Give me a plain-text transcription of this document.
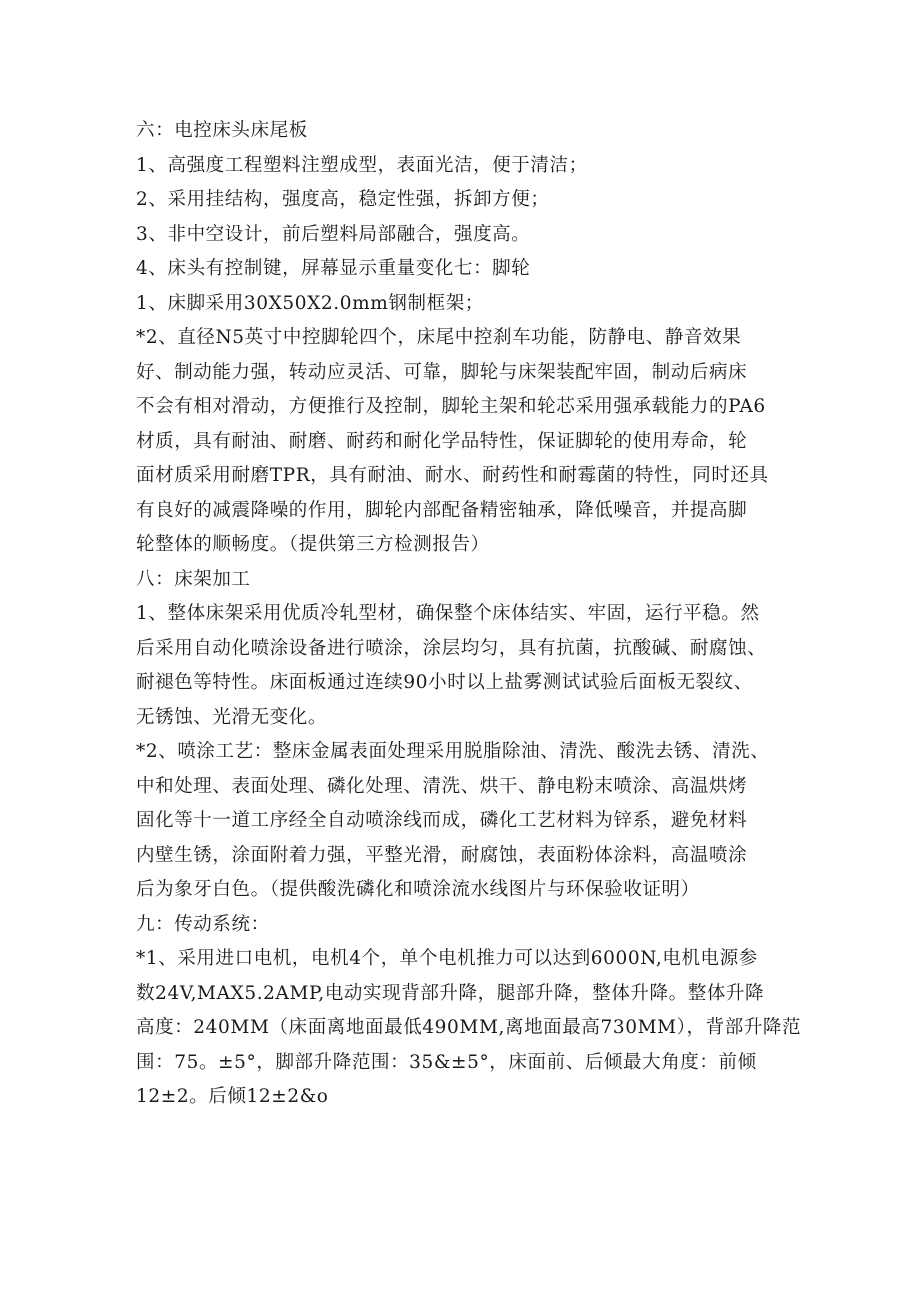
六：电控床头床尾板
1、高强度工程塑料注塑成型，表面光洁，便于清洁；
2、采用挂结构，强度高，稳定性强，拆卸方便；
3、非中空设计，前后塑料局部融合，强度高。
4、床头有控制键，屏幕显示重量变化七：脚轮
1、床脚采用30X50X2.0mm钢制框架；
*2、直径N5英寸中控脚轮四个，床尾中控刹车功能，防静电、静音效果
好、制动能力强，转动应灵活、可靠，脚轮与床架装配牢固，制动后病床
不会有相对滑动，方便推行及控制，脚轮主架和轮芯采用强承载能力的PA6
材质，具有耐油、耐磨、耐药和耐化学品特性，保证脚轮的使用寿命，轮
面材质采用耐磨TPR，具有耐油、耐水、耐药性和耐霉菌的特性，同时还具
有良好的减震降噪的作用，脚轮内部配备精密轴承，降低噪音，并提高脚
轮整体的顺畅度。（提供第三方检测报告）
八：床架加工
1、整体床架采用优质冷轧型材，确保整个床体结实、牢固，运行平稳。然
后采用自动化喷涂设备进行喷涂，涂层均匀，具有抗菌，抗酸碱、耐腐蚀、
耐褪色等特性。床面板通过连续90小时以上盐雾测试试验后面板无裂纹、
无锈蚀、光滑无变化。
*2、喷涂工艺：整床金属表面处理采用脱脂除油、清洗、酸洗去锈、清洗、
中和处理、表面处理、磷化处理、清洗、烘干、静电粉末喷涂、高温烘烤
固化等十一道工序经全自动喷涂线而成，磷化工艺材料为锌系，避免材料
内壁生锈，涂面附着力强，平整光滑，耐腐蚀，表面粉体涂料，高温喷涂
后为象牙白色。（提供酸洗磷化和喷涂流水线图片与环保验收证明）
九：传动系统：
*1、采用进口电机，电机4个，单个电机推力可以达到6000N,电机电源参
数24V,MAX5.2AMP,电动实现背部升降，腿部升降，整体升降。整体升降
高度：240MM（床面离地面最低490MM,离地面最高730MM），背部升降范
围：75。±5°，脚部升降范围：35&±5°，床面前、后倾最大角度：前倾
12±2。后倾12±2&o
